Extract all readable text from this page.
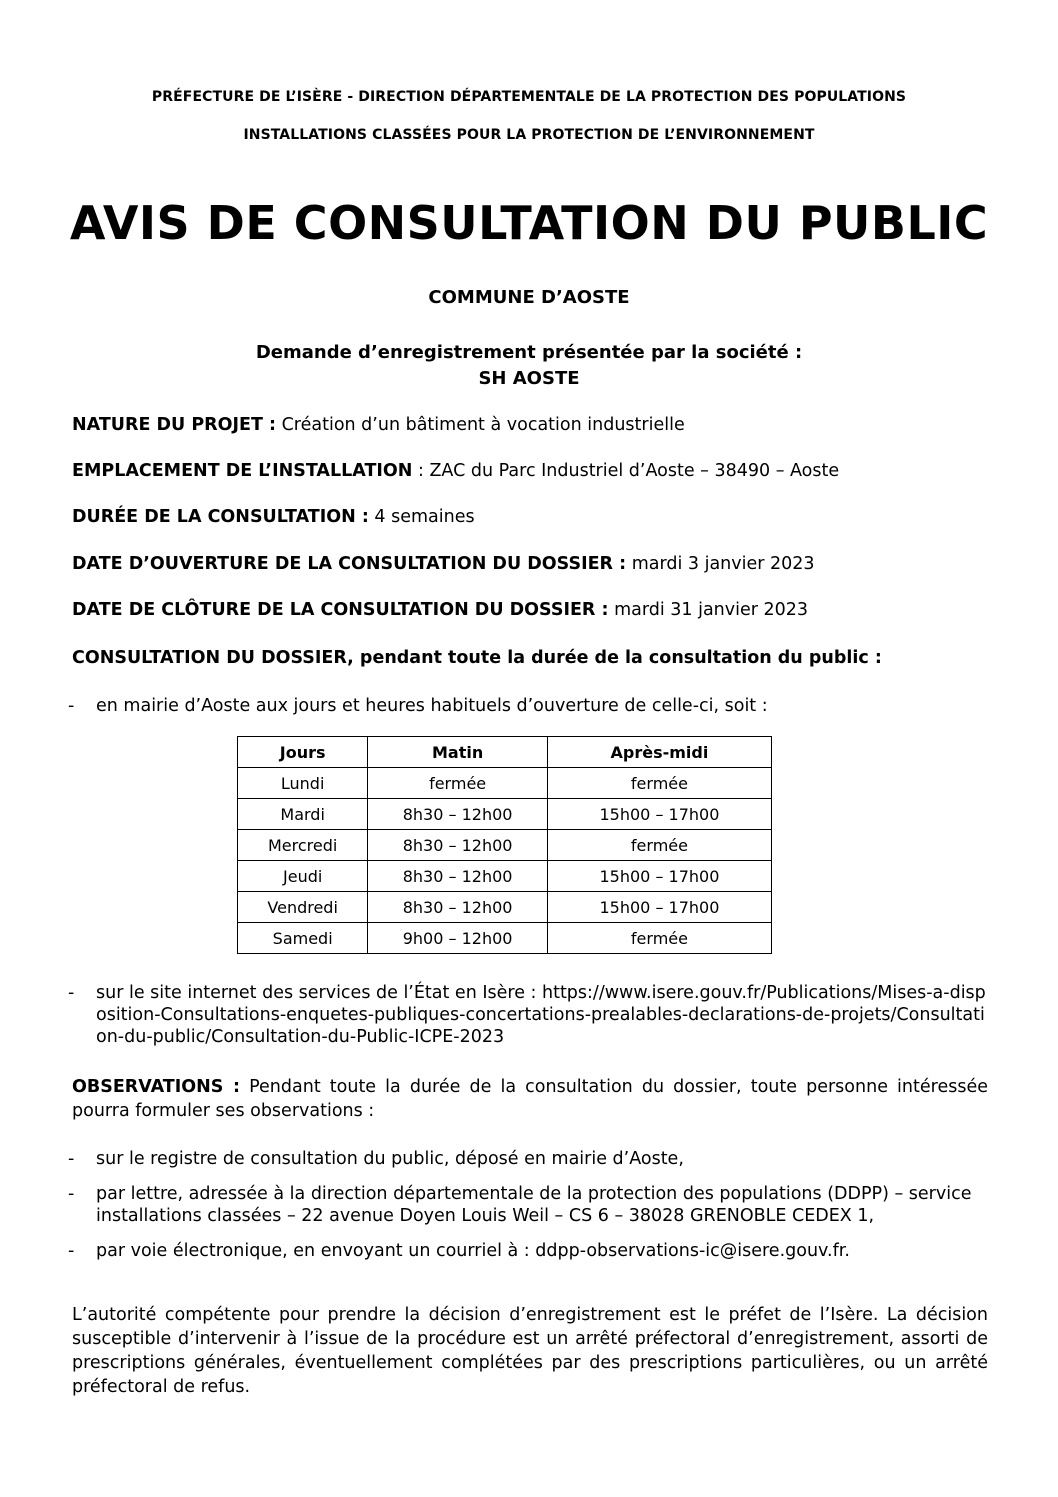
PRÉFECTURE DE L’ISÈRE - DIRECTION DÉPARTEMENTALE DE LA PROTECTION DES POPULATIONS
INSTALLATIONS CLASSÉES POUR LA PROTECTION DE L’ENVIRONNEMENT
AVIS DE CONSULTATION DU PUBLIC
COMMUNE D’AOSTE
Demande d’enregistrement présentée par la société :
SH AOSTE
NATURE DU PROJET : Création d’un bâtiment à vocation industrielle
EMPLACEMENT DE L’INSTALLATION : ZAC du Parc Industriel d’Aoste – 38490 – Aoste
DURÉE DE LA CONSULTATION : 4 semaines
DATE D’OUVERTURE DE LA CONSULTATION DU DOSSIER : mardi 3 janvier 2023
DATE DE CLÔTURE DE LA CONSULTATION DU DOSSIER : mardi 31 janvier 2023
CONSULTATION DU DOSSIER, pendant toute la durée de la consultation du public :
- en mairie d’Aoste aux jours et heures habituels d’ouverture de celle-ci, soit :
Jours	Matin	Après-midi
Lundi	fermée	fermée
Mardi	8h30 – 12h00	15h00 – 17h00
Mercredi	8h30 – 12h00	fermée
Jeudi	8h30 – 12h00	15h00 – 17h00
Vendredi	8h30 – 12h00	15h00 – 17h00
Samedi	9h00 – 12h00	fermée
- sur le site internet des services de l’État en Isère : https://www.isere.gouv.fr/Publications/Mises-a-disposition-Consultations-enquetes-publiques-concertations-prealables-declarations-de-projets/Consultation-du-public/Consultation-du-Public-ICPE-2023
OBSERVATIONS : Pendant toute la durée de la consultation du dossier, toute personne intéressée pourra formuler ses observations :
- sur le registre de consultation du public, déposé en mairie d’Aoste,
- par lettre, adressée à la direction départementale de la protection des populations (DDPP) – service installations classées – 22 avenue Doyen Louis Weil – CS 6 – 38028 GRENOBLE CEDEX 1,
- par voie électronique, en envoyant un courriel à : ddpp-observations-ic@isere.gouv.fr.
L’autorité compétente pour prendre la décision d’enregistrement est le préfet de l’Isère. La décision susceptible d’intervenir à l’issue de la procédure est un arrêté préfectoral d’enregistrement, assorti de prescriptions générales, éventuellement complétées par des prescriptions particulières, ou un arrêté préfectoral de refus.
